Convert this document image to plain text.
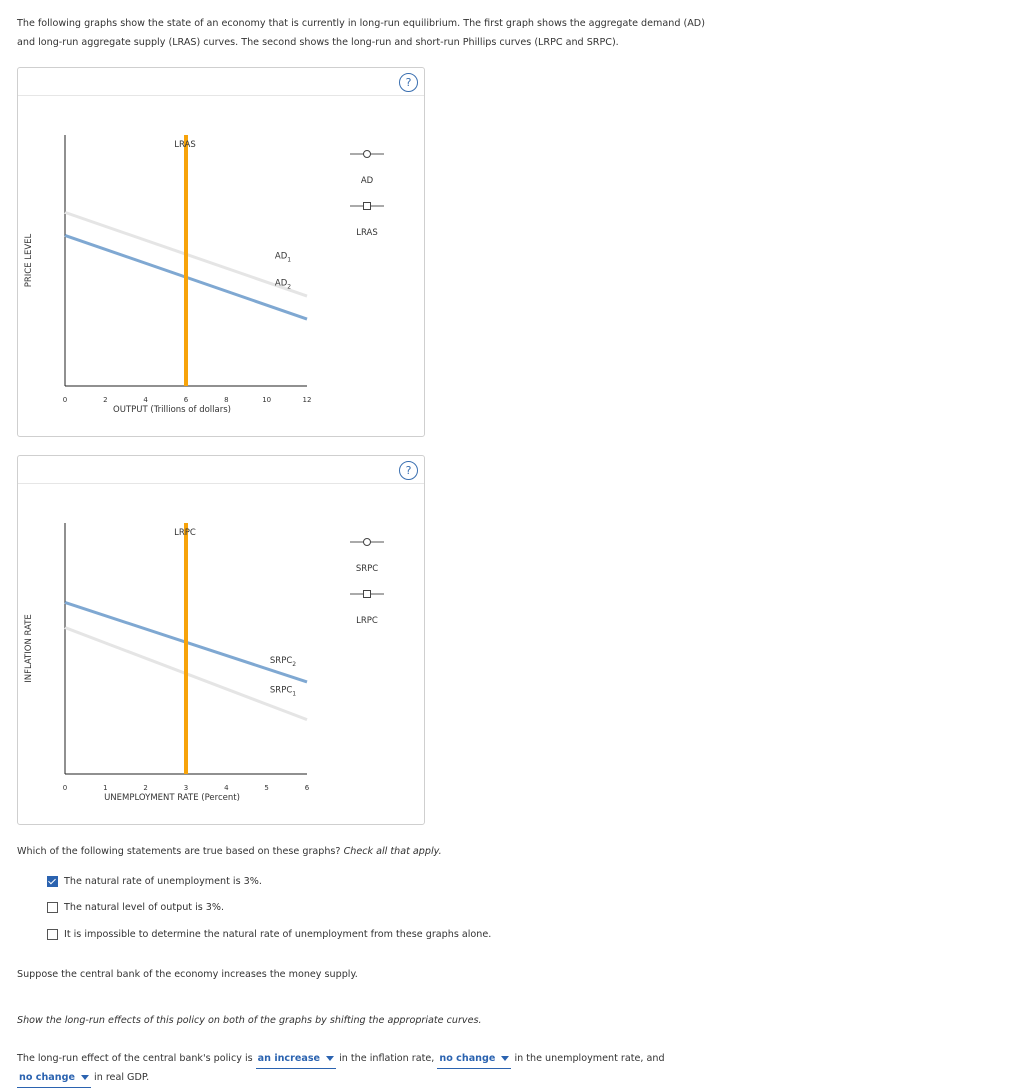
The following graphs show the state of an economy that is currently in long-run equilibrium. The first graph shows the aggregate demand (AD) and long-run aggregate supply (LRAS) curves. The second shows the long-run and short-run Phillips curves (LRPC and SRPC).
?
PRICE LEVEL
0	2	4	6	8	10	12
OUTPUT (Trillions of dollars)
LRAS
$AD_1$
$AD_2$
AD
LRAS
?
INFLATION RATE
0	1	2	3	4	5	6
UNEMPLOYMENT RATE (Percent)
LRPC
$SRPC_2$
$SRPC_1$
SRPC
LRPC
Which of the following statements are true based on these graphs? Check all that apply.
The natural rate of unemployment is 3%.
The natural level of output is 3%.
It is impossible to determine the natural rate of unemployment from these graphs alone.
Suppose the central bank of the economy increases the money supply.
Show the long-run effects of this policy on both of the graphs by shifting the appropriate curves.
The long-run effect of the central bank's policy is an increase in the inflation rate, no change in the unemployment rate, and no change in real GDP.
